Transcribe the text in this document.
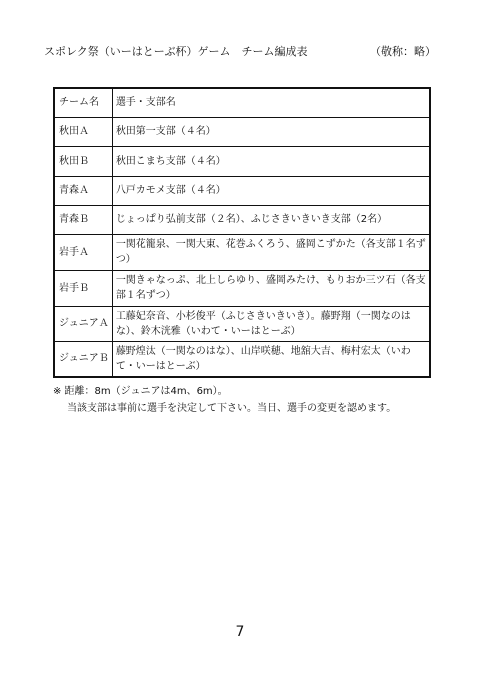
スポレク祭（いーはとーぶ杯）ゲーム　チーム編成表	（敬称：略）
チーム名	選手・支部名
秋田Ａ	秋田第一支部（４名）
秋田Ｂ	秋田こまち支部（４名）
青森Ａ	八戸カモメ支部（４名）
青森Ｂ	じょっぱり弘前支部（２名）、ふじさきいきいき支部（2名）
岩手Ａ	一関花籠泉、一関大東、花巻ふくろう、盛岡こずかた（各支部１名ずつ）
岩手Ｂ	一関きゃなっぷ、北上しらゆり、盛岡みたけ、もりおか三ツ石（各支部１名ずつ）
ジュニアＡ	工藤妃奈音、小杉俊平（ふじさきいきいき）。藤野翔（一関なのはな）、鈴木洸雅（いわて・いーはとーぶ）
ジュニアＢ	藤野煌汰（一関なのはな）、山岸咲穂、地舘大吉、梅村宏太（いわて・いーはとーぶ）
※ 距離：8m（ジュニアは4m、6m）。
当該支部は事前に選手を決定して下さい。当日、選手の変更を認めます。
7
